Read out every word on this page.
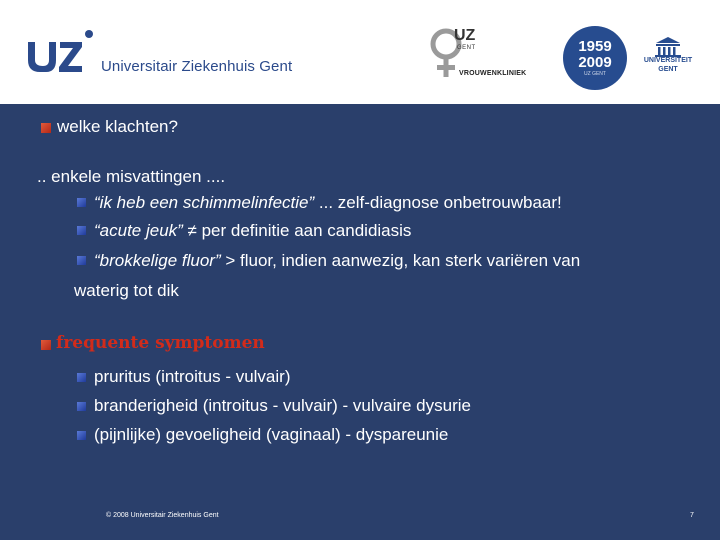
Universitair Ziekenhuis Gent
UZ
GENT
VROUWENKLINIEK
1959
2009
UZ GENT
UNIVERSITEIT
GENT
welke klachten?
.. enkele misvattingen ....
“ik heb een schimmelinfectie” ... zelf-diagnose onbetrouwbaar!
“acute jeuk” ≠ per definitie aan candidiasis
“brokkelige fluor” > fluor, indien aanwezig, kan sterk variëren van
waterig tot dik
frequente symptomen
pruritus (introitus - vulvair)
branderigheid (introitus - vulvair) - vulvaire dysurie
(pijnlijke) gevoeligheid (vaginaal) - dyspareunie
© 2008 Universitair Ziekenhuis Gent	7
